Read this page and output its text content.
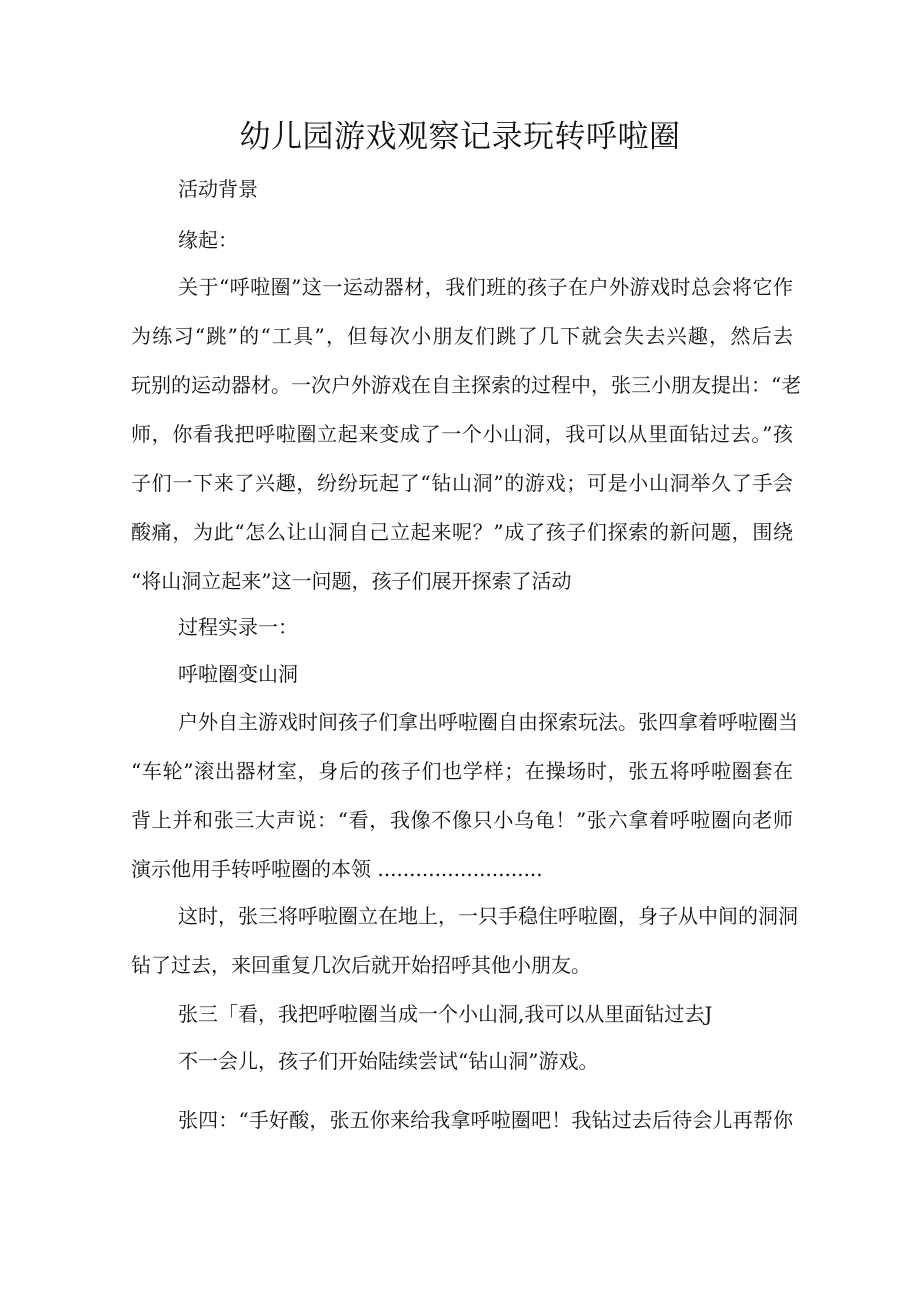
幼儿园游戏观察记录玩转呼啦圈

活动背景

缘起：

关于“呼啦圈”这一运动器材，我们班的孩子在户外游戏时总会将它作

为练习“跳”的“工具”，但每次小朋友们跳了几下就会失去兴趣，然后去

玩别的运动器材。一次户外游戏在自主探索的过程中，张三小朋友提出：“老

师，你看我把呼啦圈立起来变成了一个小山洞，我可以从里面钻过去。”孩

子们一下来了兴趣，纷纷玩起了“钻山洞”的游戏；可是小山洞举久了手会

酸痛，为此“怎么让山洞自己立起来呢？”成了孩子们探索的新问题，围绕

“将山洞立起来”这一问题，孩子们展开探索了活动

过程实录一：

呼啦圈变山洞

户外自主游戏时间孩子们拿出呼啦圈自由探索玩法。张四拿着呼啦圈当

“车轮”滚出器材室，身后的孩子们也学样；在操场时，张五将呼啦圈套在

背上并和张三大声说：“看，我像不像只小乌龟！”张六拿着呼啦圈向老师

演示他用手转呼啦圈的本领 ..........................

这时，张三将呼啦圈立在地上，一只手稳住呼啦圈，身子从中间的洞洞

钻了过去，来回重复几次后就开始招呼其他小朋友。

张三「看，我把呼啦圈当成一个小山洞,我可以从里面钻过去J

不一会儿，孩子们开始陆续尝试“钻山洞”游戏。

张四：“手好酸，张五你来给我拿呼啦圈吧！我钻过去后待会儿再帮你
